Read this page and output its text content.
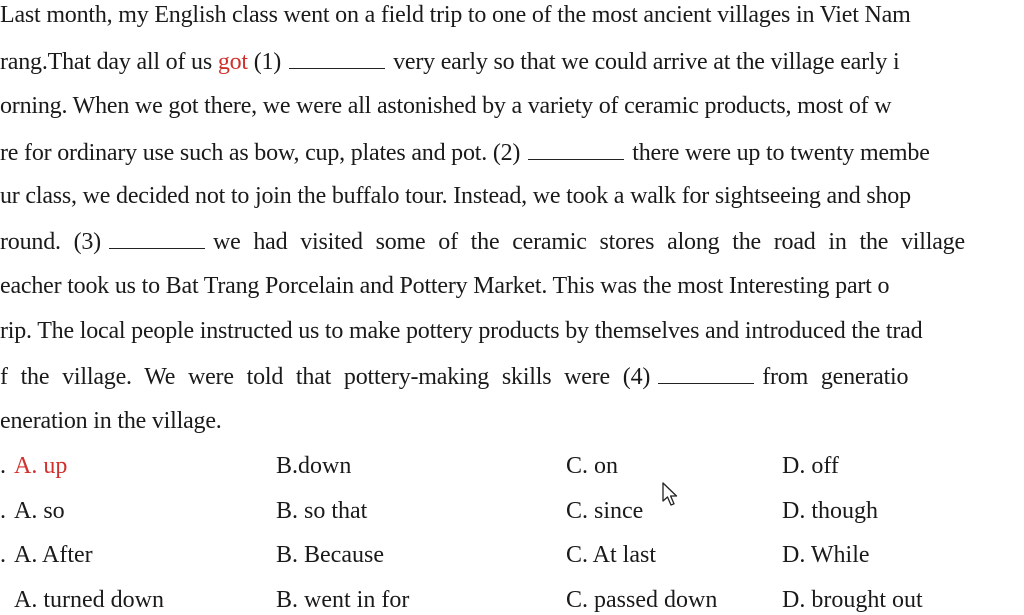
Last month, my English class went on a field trip to one of the most ancient villages in Viet Nam
rang.That day all of us got (1)	very early so that we could arrive at the village early i
orning. When we got there, we were all astonished by a variety of ceramic products, most of w
re for ordinary use such as bow, cup, plates and pot. (2)	there were up to twenty membe
ur class, we decided not to join the buffalo tour. Instead, we took a walk for sightseeing and shop
round. (3)	we had visited some of the ceramic stores along the road in the village
eacher took us to Bat Trang Porcelain and Pottery Market. This was the most Interesting part o
rip. The local people instructed us to make pottery products by themselves and introduced the trad
f the village. We were told that pottery-making skills were (4)	from generatio
eneration in the village.
. A. up	B.down	C. on	D. off
. A. so	B. so that	C. since	D. though
. A. After	B. Because	C. At last	D. While
A. turned down	B. went in for	C. passed down	D. brought out
